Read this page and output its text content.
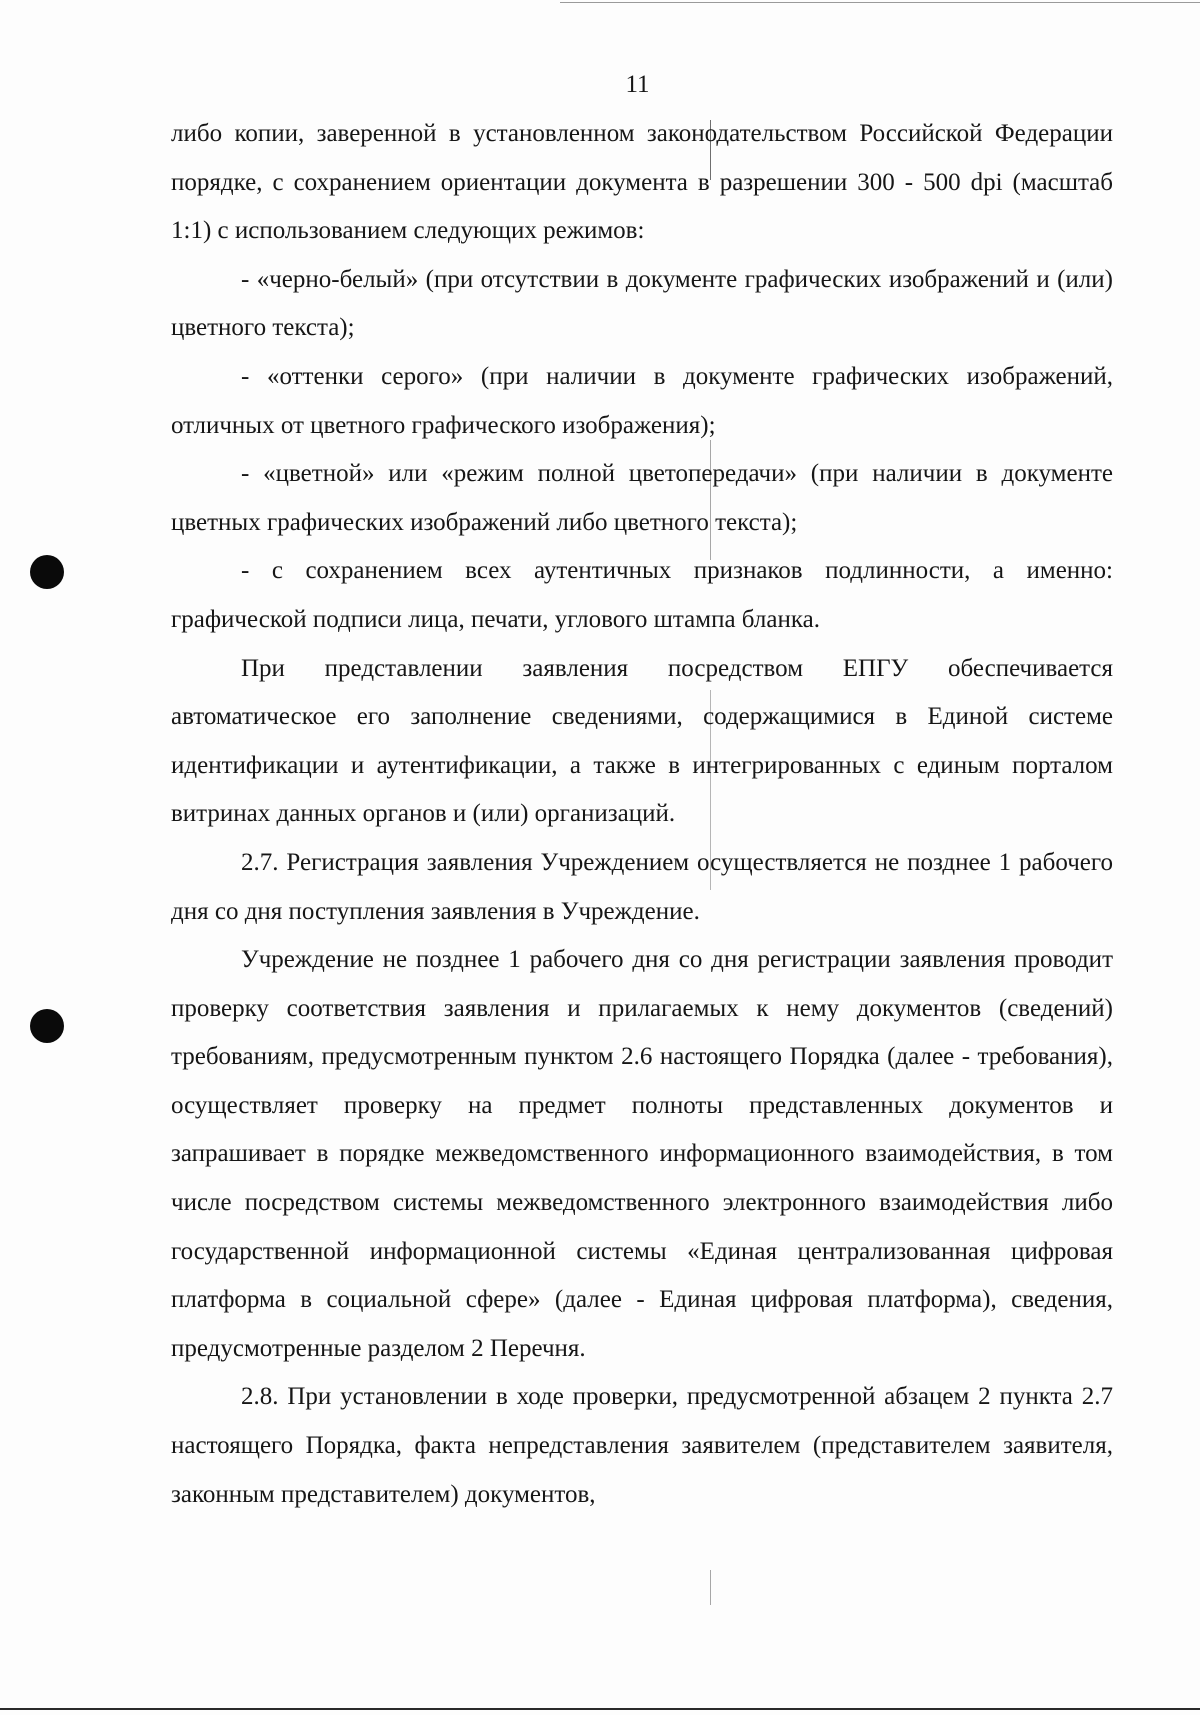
11

либо копии, заверенной в установленном законодательством Российской Федерации порядке, с сохранением ориентации документа в разрешении 300 - 500 dpi (масштаб 1:1) с использованием следующих режимов:

- «черно-белый» (при отсутствии в документе графических изображений и (или) цветного текста);

- «оттенки серого» (при наличии в документе графических изображений, отличных от цветного графического изображения);

- «цветной» или «режим полной цветопередачи» (при наличии в документе цветных графических изображений либо цветного текста);

- с сохранением всех аутентичных признаков подлинности, а именно: графической подписи лица, печати, углового штампа бланка.

При представлении заявления посредством ЕПГУ обеспечивается автоматическое его заполнение сведениями, содержащимися в Единой системе идентификации и аутентификации, а также в интегрированных с единым порталом витринах данных органов и (или) организаций.

2.7. Регистрация заявления Учреждением осуществляется не позднее 1 рабочего дня со дня поступления заявления в Учреждение.

Учреждение не позднее 1 рабочего дня со дня регистрации заявления проводит проверку соответствия заявления и прилагаемых к нему документов (сведений) требованиям, предусмотренным пунктом 2.6 настоящего Порядка (далее - требования), осуществляет проверку на предмет полноты представленных документов и запрашивает в порядке межведомственного информационного взаимодействия, в том числе посредством системы межведомственного электронного взаимодействия либо государственной информационной системы «Единая централизованная цифровая платформа в социальной сфере» (далее - Единая цифровая платформа), сведения, предусмотренные разделом 2 Перечня.

2.8. При установлении в ходе проверки, предусмотренной абзацем 2 пункта 2.7 настоящего Порядка, факта непредставления заявителем (представителем заявителя, законным представителем) документов,
